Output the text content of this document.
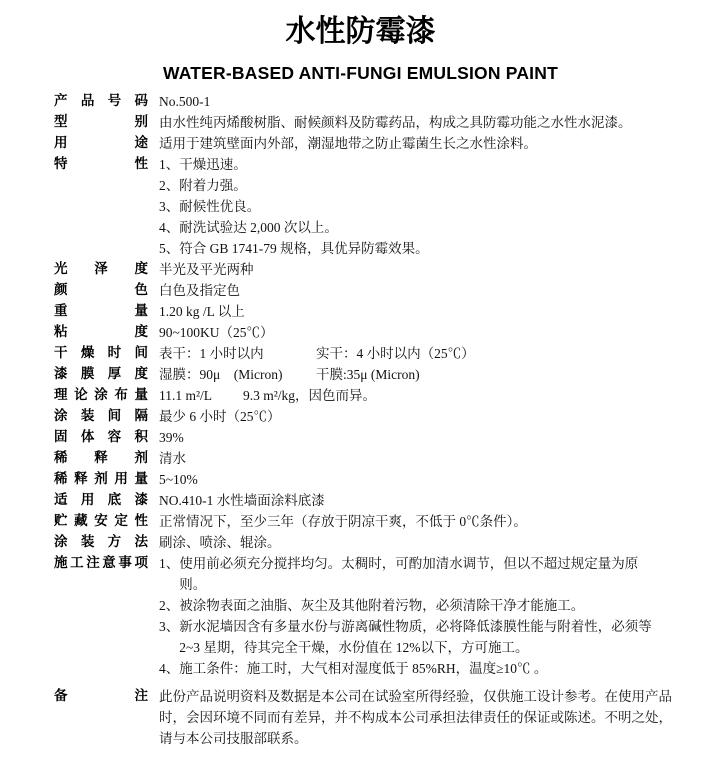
水性防霉漆
WATER-BASED ANTI-FUNGI EMULSION PAINT
产 品 号 码 No.500-1
型	别 由水性纯丙烯酸树脂、耐候颜料及防霉药品，构成之具防霉功能之水性水泥漆。
用	途 适用于建筑壁面内外部，潮湿地带之防止霉菌生长之水性涂料。
特	性 1、 干燥迅速。
2、 附着力强。
3、 耐候性优良。
4、 耐洗试验达 2,000 次以上。
5、 符合 GB 1741-79 规格，具优异防霉效果。
光 泽 度 半光及平光两种
颜	色 白色及指定色
重	量 1.20 kg /L 以上
粘	度 90~100KU（25℃）
干 燥 时 间 表干：1 小时以内	实干：4 小时以内（25℃）
漆 膜 厚 度 湿膜：90μ　(Micron) 干膜:35μ (Micron)
理 论 涂 布 量 11.1 m²/L 9.3 m²/kg，因色而异。
涂 装 间 隔 最少 6 小时（25℃）
固 体 容 积 39%
稀 释 剂 清水
稀 释 剂 用 量 5~10%
适 用 底 漆 NO.410-1 水性墙面涂料底漆
贮 藏 安 定 性 正常情况下，至少三年（存放于阴凉干爽，不低于 0℃条件）。
涂 装 方 法 刷涂、喷涂、辊涂。
施 工 注 意 事 项 1、 使用前必须充分搅拌均匀。太稠时，可酌加清水调节，但以不超过规定量为原则。
2、 被涂物表面之油脂、灰尘及其他附着污物，必须清除干净才能施工。
3、 新水泥墙因含有多量水份与游离碱性物质，必将降低漆膜性能与附着性，必须等 2~3 星期，待其完全干燥，水份值在 12%以下，方可施工。
4、 施工条件：施工时，大气相对湿度低于 85%RH，温度≥10℃ 。
备	注 此份产品说明资料及数据是本公司在试验室所得经验，仅供施工设计参考。在使用产品时，会因环境不同而有差异，并不构成本公司承担法律责任的保证或陈述。不明之处，请与本公司技服部联系。
